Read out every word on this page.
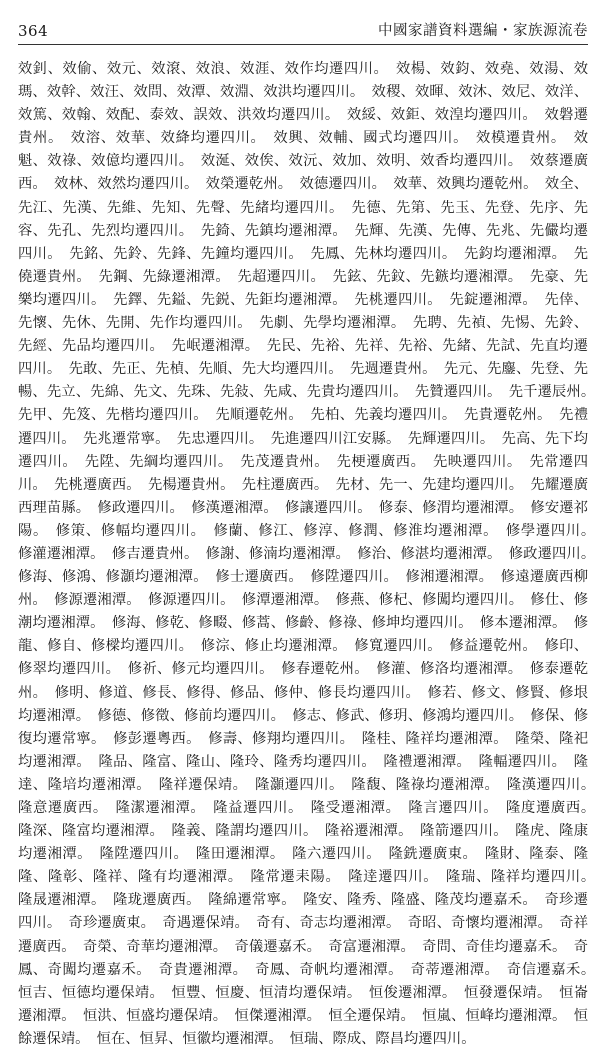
364	中國家譜資料選編・家族源流卷
效釗、效偷、效元、效滾、效浪、效涯、效作均遷四川。　效楊、效鈞、效堯、效湯、效瑪、效幹、效汪、效問、效潭、效淵、效洪均遷四川。　效稷、效暉、效沐、效尼、效洋、效篤、效翰、效配、泰效、誤效、洪效均遷四川。　效綏、效鉅、效湟均遷四川。　效磐遷貴州。　效溶、效華、效絳均遷四川。　效興、效輔、國式均遷四川。　效模遷貴州。　效魁、效祿、效億均遷四川。　效涎、效俟、效沅、效加、效明、效香均遷四川。　效蔡遷廣西。　效林、效然均遷四川。　效榮遷乾州。　效德遷四川。　效華、效興均遷乾州。　效全、先江、先漢、先維、先知、先聲、先緒均遷四川。　先德、先第、先玉、先登、先序、先容、先孔、先烈均遷四川。　先錡、先鎮均遷湘潭。　先輝、先漢、先傳、先兆、先儼均遷四川。　先銘、先鈴、先鋒、先鐘均遷四川。　先鳳、先林均遷四川。　先鈞均遷湘潭。　先僥遷貴州。　先鋼、先綠遷湘潭。　先超遷四川。　先鉉、先鈫、先鏃均遷湘潭。　先豪、先樂均遷四川。　先鐸、先鎰、先鋭、先鉅均遷湘潭。　先桃遷四川。　先錠遷湘潭。　先倖、先懷、先休、先開、先作均遷四川。　先劇、先學均遷湘潭。　先聘、先禎、先惕、先鈴、先經、先品均遷四川。　先岷遷湘潭。　先民、先裕、先祥、先裕、先緒、先試、先直均遷四川。　先敢、先正、先楨、先順、先大均遷四川。　先週遷貴州。　先元、先鏖、先登、先暢、先立、先綿、先文、先珠、先敍、先咸、先貴均遷四川。　先贊遷四川。　先千遷辰州。　先甲、先笈、先楷均遷四川。　先順遷乾州。　先柏、先義均遷四川。　先貴遷乾州。　先禮遷四川。　先兆遷常寧。　先忠遷四川。　先進遷四川江安縣。　先輝遷四川。　先高、先下均遷四川。　先陞、先綱均遷四川。　先茂遷貴州。　先梗遷廣西。　先映遷四川。　先常遷四川。　先桃遷廣西。　先楊遷貴州。　先柱遷廣西。　先材、先一、先建均遷四川。　先耀遷廣西理苗縣。　修政遷四川。　修漢遷湘潭。　修讓遷四川。　修泰、修渭均遷湘潭。　修安遷祁陽。　修策、修幅均遷四川。　修蘭、修江、修淳、修潤、修淮均遷湘潭。　修學遷四川。　修灌遷湘潭。　修吉遷貴州。　修謝、修湳均遷湘潭。　修治、修湛均遷湘潭。　修政遷四川。　修海、修鴻、修灝均遷湘潭。　修士遷廣西。　修陞遷四川。　修湘遷湘潭。　修遠遷廣西柳州。　修源遷湘潭。　修源遷四川。　修潭遷湘潭。　修燕、修杞、修闖均遷四川。　修仕、修潮均遷湘潭。　修海、修乾、修畷、修蒿、修齡、修祿、修坤均遷四川。　修本遷湘潭。　修龍、修自、修樑均遷四川。　修淙、修止均遷湘潭。　修寬遷四川。　修益遷乾州。　修印、修翠均遷四川。　修祈、修元均遷四川。　修春遷乾州。　修灌、修洛均遷湘潭。　修泰遷乾州。　修明、修道、修長、修得、修品、修仲、修長均遷四川。　修若、修文、修賢、修垠均遷湘潭。　修德、修徵、修前均遷四川。　修志、修武、修玥、修鴻均遷四川。　修保、修復均遷常寧。　修彭遷粵西。　修壽、修翔均遷四川。　隆桂、隆祥均遷湘潭。　隆榮、隆祀均遷湘潭。　隆品、隆富、隆山、隆玲、隆秀均遷四川。　隆禮遷湘潭。　隆輻遷四川。　隆達、隆培均遷湘潭。　隆祥遷保靖。　隆灝遷四川。　隆馥、隆祿均遷湘潭。　隆漢遷四川。　隆意遷廣西。　隆潔遷湘潭。　隆益遷四川。　隆受遷湘潭。　隆言遷四川。　隆度遷廣西。　隆深、隆富均遷湘潭。　隆義、隆謂均遷四川。　隆裕遷湘潭。　隆箭遷四川。　隆虎、隆康均遷湘潭。　隆陞遷四川。　隆田遷湘潭。　隆六遷四川。　隆銑遷廣東。　隆財、隆泰、隆隆、隆彰、隆祥、隆有均遷湘潭。　隆常遷耒陽。　隆逹遷四川。　隆瑞、隆祥均遷四川。　隆晟遷湘潭。　隆珑遷廣西。　隆綿遷常寧。　隆安、隆秀、隆盛、隆茂均遷嘉禾。　奇珍遷四川。　奇珍遷廣東。　奇遇遷保靖。　奇有、奇志均遷湘潭。　奇昭、奇懷均遷湘潭。　奇祥遷廣西。　奇榮、奇華均遷湘潭。　奇儀遷嘉禾。　奇富遷湘潭。　奇問、奇佳均遷嘉禾。　奇鳳、奇闖均遷嘉禾。　奇貴遷湘潭。　奇鳳、奇帆均遷湘潭。　奇蒂遷湘潭。　奇信遷嘉禾。　恒吉、恒德均遷保靖。　恒豐、恒慶、恒清均遷保靖。　恒俊遷湘潭。　恒發遷保靖。　恒崙遷湘潭。　恒洪、恒盛均遷保靖。　恒傑遷湘潭。　恒全遷保靖。　恒嵐、恒峰均遷湘潭。　恒餘遷保靖。　恒在、恒昇、恒徽均遷湘潭。　恒瑞、際成、際昌均遷四川。
